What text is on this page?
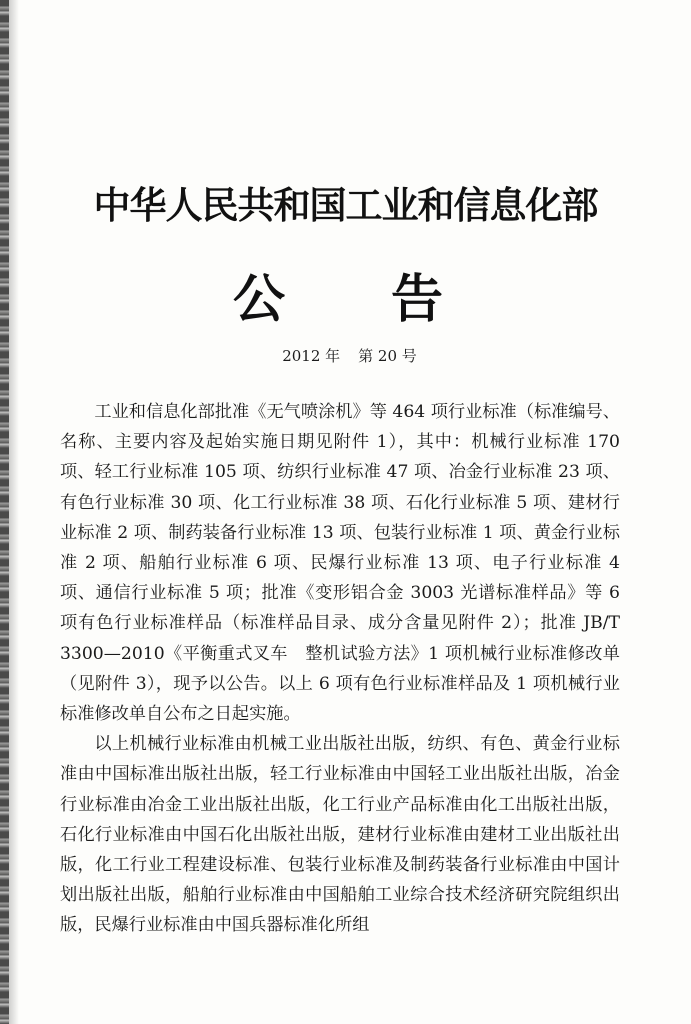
中华人民共和国工业和信息化部
公 告
2012 年 第 20 号

工业和信息化部批准《无气喷涂机》等 464 项行业标准（标准编号、名称、主要内容及起始实施日期见附件 1），其中：机械行业标准 170 项、轻工行业标准 105 项、纺织行业标准 47 项、冶金行业标准 23 项、有色行业标准 30 项、化工行业标准 38 项、石化行业标准 5 项、建材行业标准 2 项、制药装备行业标准 13 项、包装行业标准 1 项、黄金行业标准 2 项、船舶行业标准 6 项、民爆行业标准 13 项、电子行业标准 4 项、通信行业标准 5 项；批准《变形铝合金 3003 光谱标准样品》等 6 项有色行业标准样品（标准样品目录、成分含量见附件 2）；批准 JB/T 3300—2010《平衡重式叉车　整机试验方法》1 项机械行业标准修改单（见附件 3），现予以公告。以上 6 项有色行业标准样品及 1 项机械行业标准修改单自公布之日起实施。

以上机械行业标准由机械工业出版社出版，纺织、有色、黄金行业标准由中国标准出版社出版，轻工行业标准由中国轻工业出版社出版，冶金行业标准由冶金工业出版社出版，化工行业产品标准由化工出版社出版，石化行业标准由中国石化出版社出版，建材行业标准由建材工业出版社出版，化工行业工程建设标准、包装行业标准及制药装备行业标准由中国计划出版社出版，船舶行业标准由中国船舶工业综合技术经济研究院组织出版，民爆行业标准由中国兵器标准化所组
